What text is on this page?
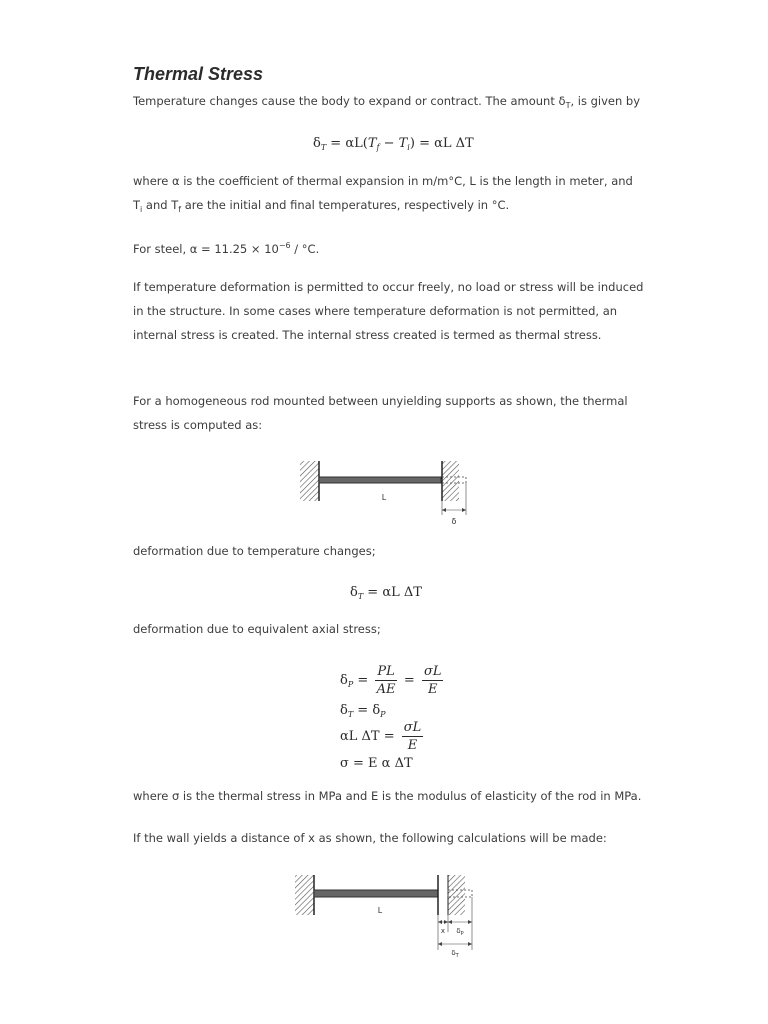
Thermal Stress

Temperature changes cause the body to expand or contract. The amount $\delta_T$, is given by

$\delta_T = \alpha L(T_f - T_i) = \alpha L$ ΔT

where α is the coefficient of thermal expansion in m/m°C, L is the length in meter, and
$T_i$ and $T_f$ are the initial and final temperatures, respectively in °C.

For steel, $\alpha = 11.25 \times 10^{-6} / ^\circ C$.

If temperature deformation is permitted to occur freely, no load or stress will be induced in the structure. In some cases where temperature deformation is not permitted, an internal stress is created. The internal stress created is termed as thermal stress.

For a homogeneous rod mounted between unyielding supports as shown, the thermal stress is computed as:

L
δ

deformation due to temperature changes;

$\delta_T = \alpha L$ ΔT

deformation due to equivalent axial stress;

$\delta_P = \frac{PL}{AE} = \frac{\sigma L}{E}$
$\delta_T = \delta_P$
αL $\Delta T = \frac{\sigma L}{E}$
σ = E α ΔT

where σ is the thermal stress in MPa and E is the modulus of elasticity of the rod in MPa.

If the wall yields a distance of x as shown, the following calculations will be made:

L
x $\delta_P$
$\delta_T$
